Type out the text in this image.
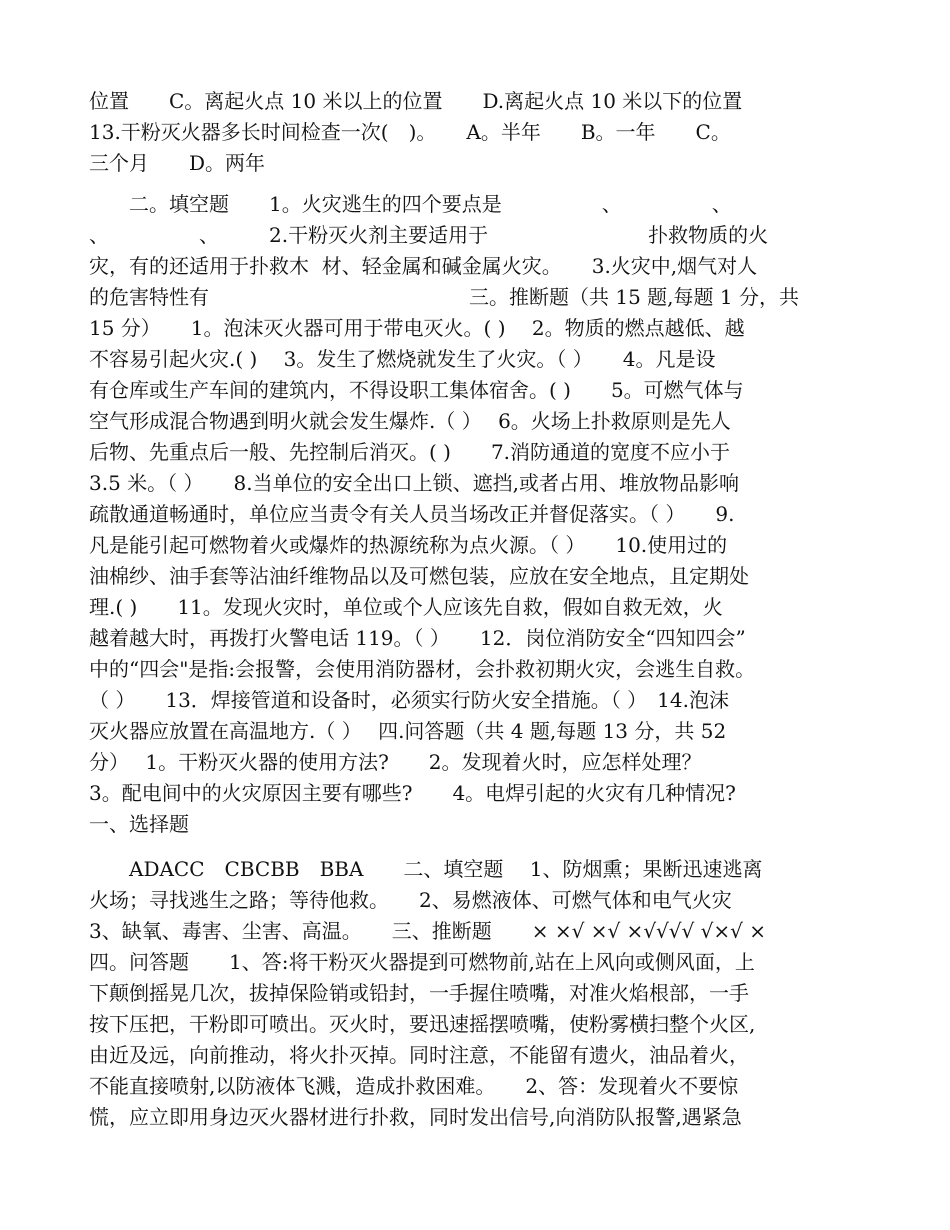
位置　　C。离起火点 10 米以上的位置　　D.离起火点 10 米以下的位置
13.干粉灭火器多长时间检查一次(　)。　　A。半年　　B。一年　　C。
三个月　　D。两年
　　二。填空题　　1。火灾逃生的四个要点是　　　　　、　　　　　、
、　　　　　、　　　2.干粉灭火剂主要适用于　　　　　　　　扑救物质的火
灾，有的还适用于扑救木  材、轻金属和碱金属火灾。　　3.火灾中,烟气对人
的危害特性有　　　　　　　　　　　　　三。推断题（共 15 题,每题 1 分，共
15 分）　　1。泡沫灭火器可用于带电灭火。( )　 2。物质的燃点越低、越
不容易引起火灾.( )　 3。发生了燃烧就发生了火灾。（ ）　　4。凡是设
有仓库或生产车间的建筑内，不得设职工集体宿舍。( )　　5。可燃气体与
空气形成混合物遇到明火就会发生爆炸.（ ）　 6。火场上扑救原则是先人
后物、先重点后一般、先控制后消灭。( )　　7.消防通道的宽度不应小于
3.5 米。（ ）　　8.当单位的安全出口上锁、遮挡,或者占用、堆放物品影响
疏散通道畅通时，单位应当责令有关人员当场改正并督促落实。（ ）　　9.
凡是能引起可燃物着火或爆炸的热源统称为点火源。（ ）　　10.使用过的
油棉纱、油手套等沾油纤维物品以及可燃包装，应放在安全地点，且定期处
理.( )　　11。发现火灾时，单位或个人应该先自救，假如自救无效，火
越着越大时，再拨打火警电话 119。（ ）　　12．岗位消防安全“四知四会”
中的“四会"是指:会报警，会使用消防器材，会扑救初期火灾，会逃生自救。
（ ）　　13．焊接管道和设备时，必须实行防火安全措施。（ ）　14.泡沫
灭火器应放置在高温地方.（ ）　 四.问答题（共 4 题,每题 13 分，共 52
分）　 1。干粉灭火器的使用方法?　　2。发现着火时，应怎样处理？
3。配电间中的火灾原因主要有哪些?　　4。电焊引起的火灾有几种情况?
一、选择题
　　ADACC　CBCBB　BBA　　二、填空题　 1、防烟熏；果断迅速逃离
火场；寻找逃生之路；等待他救。　　2、易燃液体、可燃气体和电气火灾
3、缺氧、毒害、尘害、高温。　　三、推断题　　× ×√ ×√ ×√√√√ √×√ ×
四。问答题　　1、答:将干粉灭火器提到可燃物前,站在上风向或侧风面，上
下颠倒摇晃几次，拔掉保险销或铅封，一手握住喷嘴，对准火焰根部，一手
按下压把，干粉即可喷出。灭火时，要迅速摇摆喷嘴，使粉雾横扫整个火区,
由近及远，向前推动，将火扑灭掉。同时注意，不能留有遗火，油品着火，
不能直接喷射,以防液体飞溅，造成扑救困难。　　2、答：发现着火不要惊
慌，应立即用身边灭火器材进行扑救，同时发出信号,向消防队报警,遇紧急
